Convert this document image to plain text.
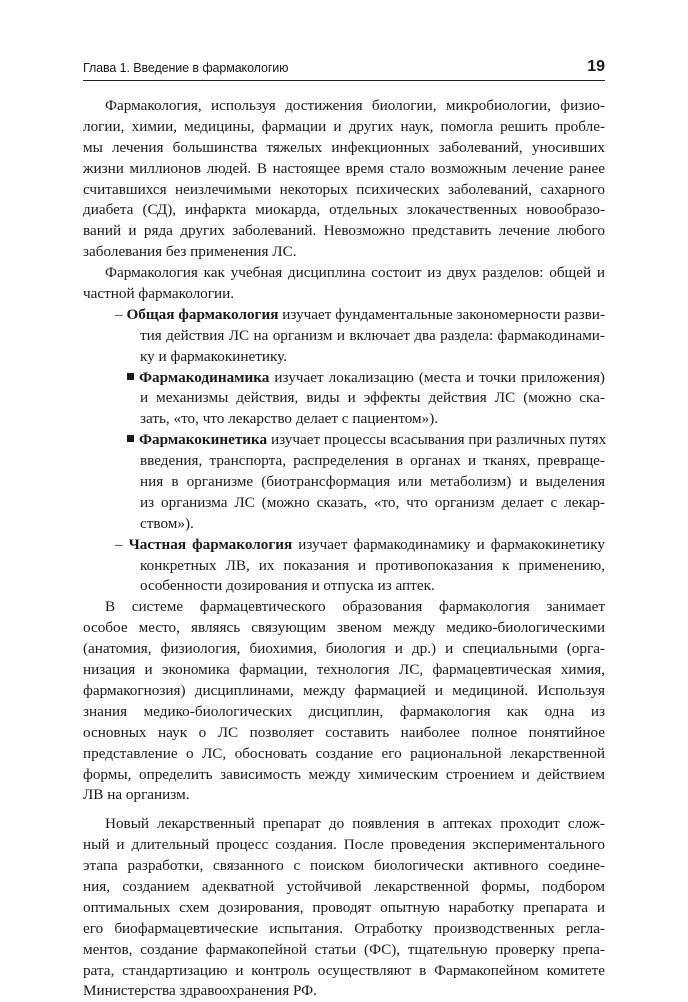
Глава 1. Введение в фармакологию	19
Фармакология, используя достижения биологии, микробиологии, физио-
логии, химии, медицины, фармации и других наук, помогла решить пробле-
мы лечения большинства тяжелых инфекционных заболеваний, уносивших
жизни миллионов людей. В настоящее время стало возможным лечение ранее
считавшихся неизлечимыми некоторых психических заболеваний, сахарного
диабета (СД), инфаркта миокарда, отдельных злокачественных новообразо-
ваний и ряда других заболеваний. Невозможно представить лечение любого
заболевания без применения ЛС.
Фармакология как учебная дисциплина состоит из двух разделов: общей и
частной фармакологии.
– Общая фармакология изучает фундаментальные закономерности разви-
тия действия ЛС на организм и включает два раздела: фармакодинами-
ку и фармакокинетику.
Фармакодинамика изучает локализацию (места и точки приложения)
и механизмы действия, виды и эффекты действия ЛС (можно ска-
зать, «то, что лекарство делает с пациентом»).
Фармакокинетика изучает процессы всасывания при различных путях
введения, транспорта, распределения в органах и тканях, превраще-
ния в организме (биотрансформация или метаболизм) и выделения
из организма ЛС (можно сказать, «то, что организм делает с лекар-
ством»).
– Частная фармакология изучает фармакодинамику и фармакокинетику
конкретных ЛВ, их показания и противопоказания к применению,
особенности дозирования и отпуска из аптек.
В системе фармацевтического образования фармакология занимает
особое место, являясь связующим звеном между медико-биологическими
(анатомия, физиология, биохимия, биология и др.) и специальными (орга-
низация и экономика фармации, технология ЛС, фармацевтическая химия,
фармакогнозия) дисциплинами, между фармацией и медициной. Используя
знания медико-биологических дисциплин, фармакология как одна из
основных наук о ЛС позволяет составить наиболее полное понятийное
представление о ЛС, обосновать создание его рациональной лекарственной
формы, определить зависимость между химическим строением и действием
ЛВ на организм.
Новый лекарственный препарат до появления в аптеках проходит слож-
ный и длительный процесс создания. После проведения экспериментального
этапа разработки, связанного с поиском биологически активного соедине-
ния, созданием адекватной устойчивой лекарственной формы, подбором
оптимальных схем дозирования, проводят опытную наработку препарата и
его биофармацевтические испытания. Отработку производственных регла-
ментов, создание фармакопейной статьи (ФС), тщательную проверку препа-
рата, стандартизацию и контроль осуществляют в Фармакопейном комитете
Министерства здравоохранения РФ.
